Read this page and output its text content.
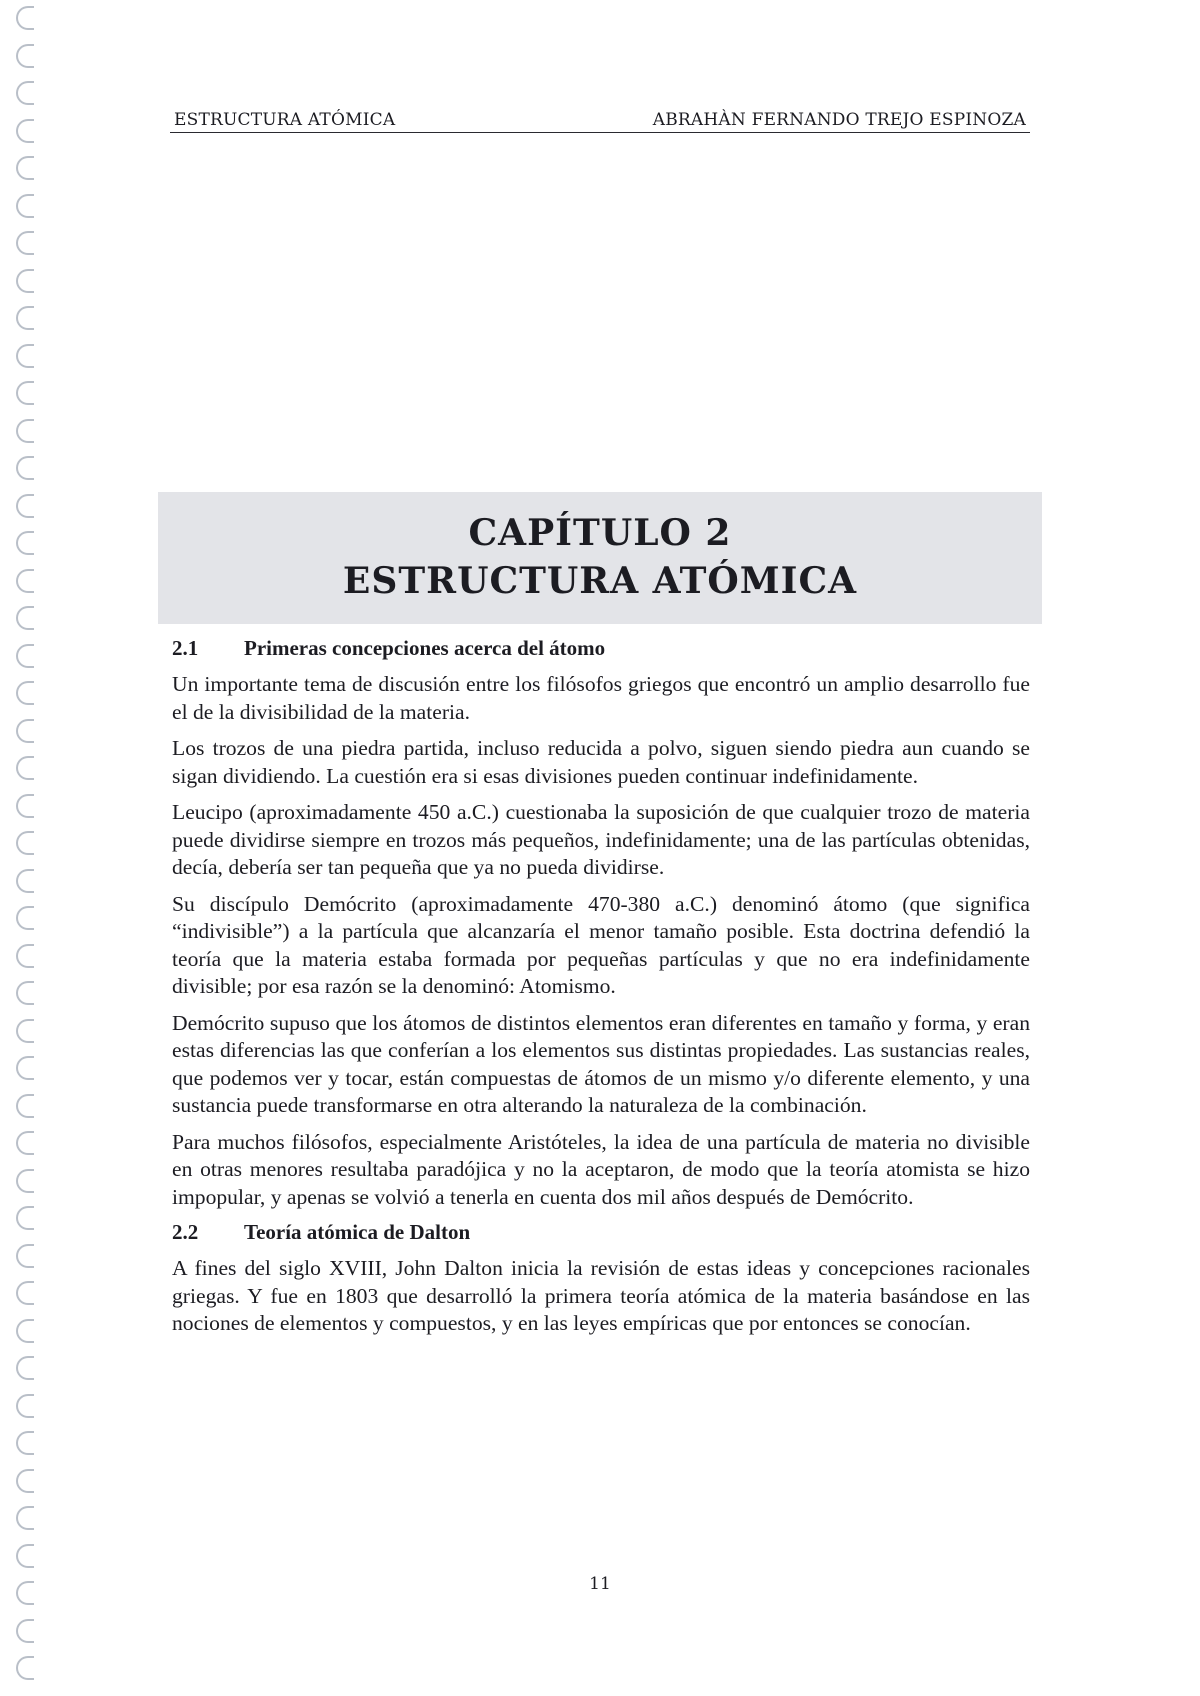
ESTRUCTURA ATÓMICA	ABRAHÀN FERNANDO TREJO ESPINOZA
CAPÍTULO 2
ESTRUCTURA ATÓMICA
2.1 Primeras concepciones acerca del átomo

Un importante tema de discusión entre los filósofos griegos que encontró un amplio desarrollo fue el de la divisibilidad de la materia.

Los trozos de una piedra partida, incluso reducida a polvo, siguen siendo piedra aun cuando se sigan dividiendo. La cuestión era si esas divisiones pueden continuar indefinidamente.

Leucipo (aproximadamente 450 a.C.) cuestionaba la suposición de que cualquier trozo de materia puede dividirse siempre en trozos más pequeños, indefinidamente; una de las partículas obtenidas, decía, debería ser tan pequeña que ya no pueda dividirse.

Su discípulo Demócrito (aproximadamente 470-380 a.C.) denominó átomo (que significa “indivisible”) a la partícula que alcanzaría el menor tamaño posible. Esta doctrina defendió la teoría que la materia estaba formada por pequeñas partículas y que no era indefinidamente divisible; por esa razón se la denominó: Atomismo.

Demócrito supuso que los átomos de distintos elementos eran diferentes en tamaño y forma, y eran estas diferencias las que conferían a los elementos sus distintas propiedades. Las sustancias reales, que podemos ver y tocar, están compuestas de átomos de un mismo y/o diferente elemento, y una sustancia puede transformarse en otra alterando la naturaleza de la combinación.

Para muchos filósofos, especialmente Aristóteles, la idea de una partícula de materia no divisible en otras menores resultaba paradójica y no la aceptaron, de modo que la teoría atomista se hizo impopular, y apenas se volvió a tenerla en cuenta dos mil años después de Demócrito.

2.2 Teoría atómica de Dalton

A fines del siglo XVIII, John Dalton inicia la revisión de estas ideas y concepciones racionales griegas. Y fue en 1803 que desarrolló la primera teoría atómica de la materia basándose en las nociones de elementos y compuestos, y en las leyes empíricas que por entonces se conocían.

11
